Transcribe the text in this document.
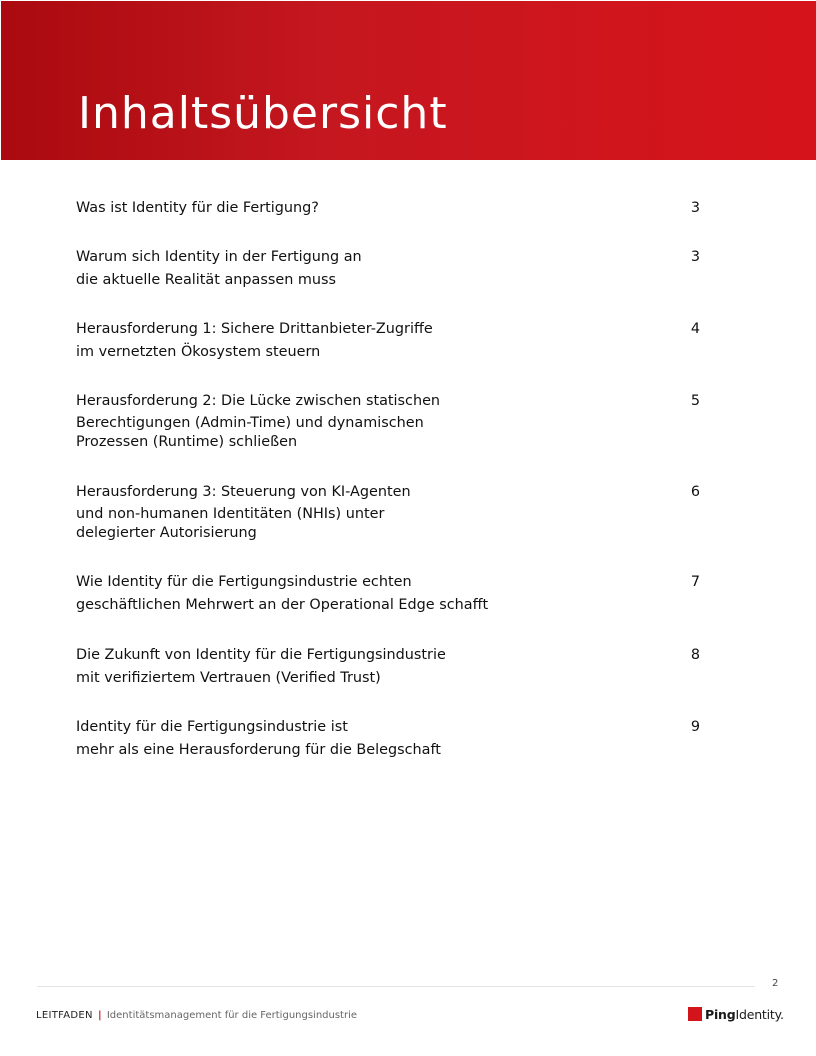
Inhaltsübersicht
Was ist Identity für die Fertigung?	3
Warum sich Identity in der Fertigung an
die aktuelle Realität anpassen muss
3
Herausforderung 1: Sichere Drittanbieter-Zugriffe
im vernetzten Ökosystem steuern
4
Herausforderung 2: Die Lücke zwischen statischen
Berechtigungen (Admin-Time) und dynamischen
Prozessen (Runtime) schließen
5
Herausforderung 3: Steuerung von KI-Agenten
und non-humanen Identitäten (NHIs) unter
delegierter Autorisierung
6
Wie Identity für die Fertigungsindustrie echten
geschäftlichen Mehrwert an der Operational Edge schafft
7
Die Zukunft von Identity für die Fertigungsindustrie
mit verifiziertem Vertrauen (Verified Trust)
8
Identity für die Fertigungsindustrie ist
mehr als eine Herausforderung für die Belegschaft
9
2
LEITFADEN | Identitätsmanagement für die Fertigungsindustrie	PingIdentity.
